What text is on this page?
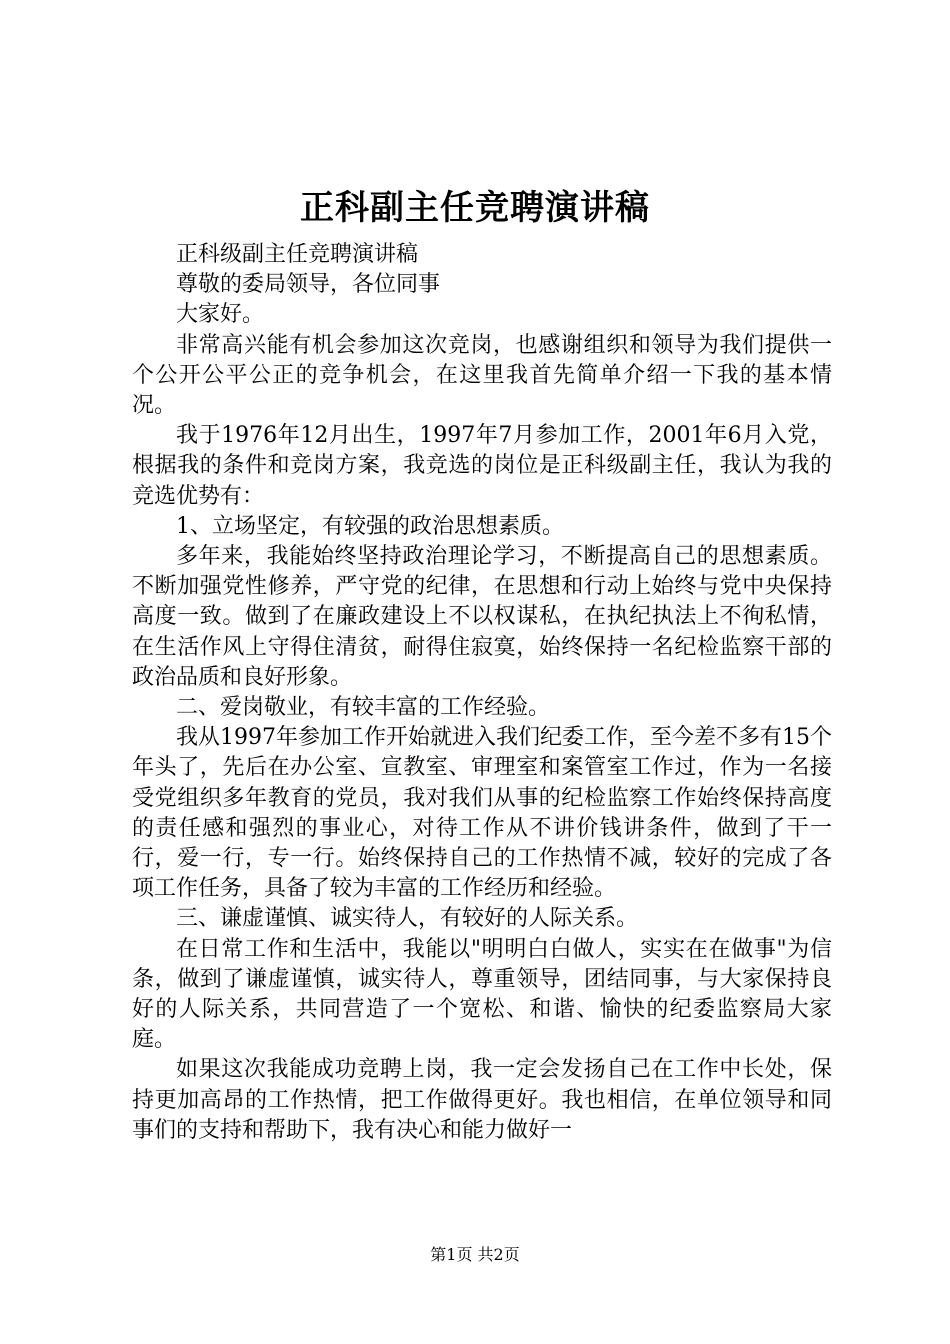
正科副主任竞聘演讲稿

正科级副主任竞聘演讲稿

尊敬的委局领导，各位同事

大家好。

非常高兴能有机会参加这次竞岗，也感谢组织和领导为我们提供一个公开公平公正的竞争机会，在这里我首先简单介绍一下我的基本情况。

我于1976年12月出生，1997年7月参加工作，2001年6月入党，根据我的条件和竞岗方案，我竞选的岗位是正科级副主任，我认为我的竞选优势有：

1、立场坚定，有较强的政治思想素质。

多年来，我能始终坚持政治理论学习，不断提高自己的思想素质。不断加强党性修养，严守党的纪律，在思想和行动上始终与党中央保持高度一致。做到了在廉政建设上不以权谋私，在执纪执法上不徇私情，在生活作风上守得住清贫，耐得住寂寞，始终保持一名纪检监察干部的政治品质和良好形象。

二、爱岗敬业，有较丰富的工作经验。

我从1997年参加工作开始就进入我们纪委工作，至今差不多有15个年头了，先后在办公室、宣教室、审理室和案管室工作过，作为一名接受党组织多年教育的党员，我对我们从事的纪检监察工作始终保持高度的责任感和强烈的事业心，对待工作从不讲价钱讲条件，做到了干一行，爱一行，专一行。始终保持自己的工作热情不减，较好的完成了各项工作任务，具备了较为丰富的工作经历和经验。

三、谦虚谨慎、诚实待人，有较好的人际关系。

在日常工作和生活中，我能以"明明白白做人，实实在在做事"为信条，做到了谦虚谨慎，诚实待人，尊重领导，团结同事，与大家保持良好的人际关系，共同营造了一个宽松、和谐、愉快的纪委监察局大家庭。

如果这次我能成功竞聘上岗，我一定会发扬自己在工作中长处，保持更加高昂的工作热情，把工作做得更好。我也相信，在单位领导和同事们的支持和帮助下，我有决心和能力做好一

第1页 共2页
